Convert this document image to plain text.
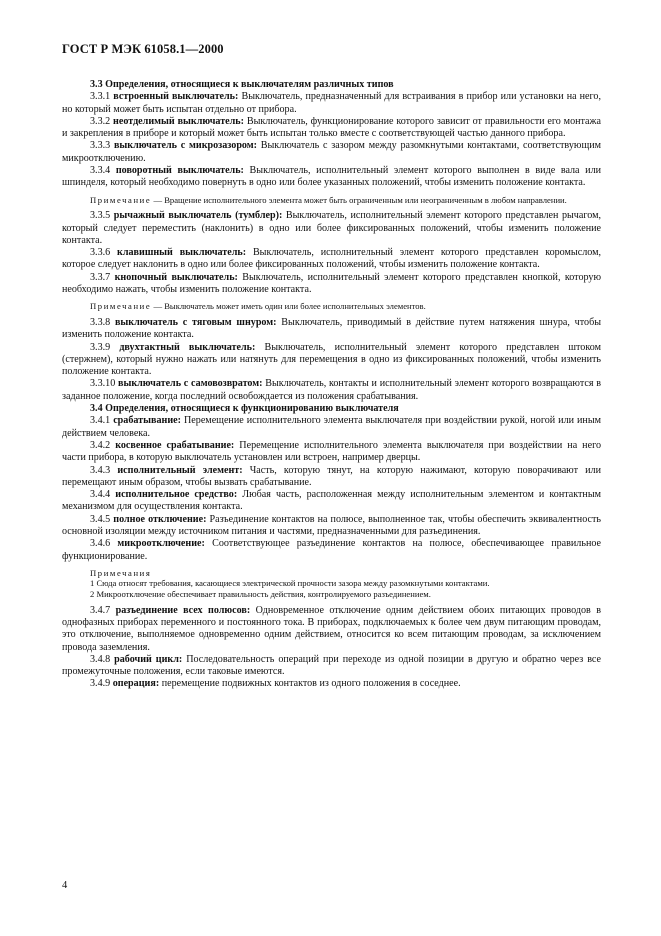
ГОСТ Р МЭК 61058.1—2000

3.3 Определения, относящиеся к выключателям различных типов

3.3.1 встроенный выключатель: Выключатель, предназначенный для встраивания в прибор или установки на него, но который может быть испытан отдельно от прибора.

3.3.2 неотделимый выключатель: Выключатель, функционирование которого зависит от правильности его монтажа и закрепления в приборе и который может быть испытан только вместе с соответствующей частью данного прибора.

3.3.3 выключатель с микрозазором: Выключатель с зазором между разомкнутыми контактами, соответствующим микроотключению.

3.3.4 поворотный выключатель: Выключатель, исполнительный элемент которого выполнен в виде вала или шпинделя, который необходимо повернуть в одно или более указанных положений, чтобы изменить положение контакта.

Примечание — Вращение исполнительного элемента может быть ограниченным или неограниченным в любом направлении.

3.3.5 рычажный выключатель (тумблер): Выключатель, исполнительный элемент которого представлен рычагом, который следует переместить (наклонить) в одно или более фиксированных положений, чтобы изменить положение контакта.

3.3.6 клавишный выключатель: Выключатель, исполнительный элемент которого представлен коромыслом, которое следует наклонить в одно или более фиксированных положений, чтобы изменить положение контакта.

3.3.7 кнопочный выключатель: Выключатель, исполнительный элемент которого представлен кнопкой, которую необходимо нажать, чтобы изменить положение контакта.

Примечание — Выключатель может иметь один или более исполнительных элементов.

3.3.8 выключатель с тяговым шнуром: Выключатель, приводимый в действие путем натяжения шнура, чтобы изменить положение контакта.

3.3.9 двухтактный выключатель: Выключатель, исполнительный элемент которого представлен штоком (стержнем), который нужно нажать или натянуть для перемещения в одно из фиксированных положений, чтобы изменить положение контакта.

3.3.10 выключатель с самовозвратом: Выключатель, контакты и исполнительный элемент которого возвращаются в заданное положение, когда последний освобождается из положения срабатывания.

3.4 Определения, относящиеся к функционированию выключателя

3.4.1 срабатывание: Перемещение исполнительного элемента выключателя при воздействии рукой, ногой или иным действием человека.

3.4.2 косвенное срабатывание: Перемещение исполнительного элемента выключателя при воздействии на него части прибора, в которую выключатель установлен или встроен, например дверцы.

3.4.3 исполнительный элемент: Часть, которую тянут, на которую нажимают, которую поворачивают или перемещают иным образом, чтобы вызвать срабатывание.

3.4.4 исполнительное средство: Любая часть, расположенная между исполнительным элементом и контактным механизмом для осуществления контакта.

3.4.5 полное отключение: Разъединение контактов на полюсе, выполненное так, чтобы обеспечить эквивалентность основной изоляции между источником питания и частями, предназначенными для разъединения.

3.4.6 микроотключение: Соответствующее разъединение контактов на полюсе, обеспечивающее правильное функционирование.

Примечания

1 Сюда относят требования, касающиеся электрической прочности зазора между разомкнутыми контактами.

2 Микроотключение обеспечивает правильность действия, контролируемого разъединением.

3.4.7 разъединение всех полюсов: Одновременное отключение одним действием обоих питающих проводов в однофазных приборах переменного и постоянного тока. В приборах, подключаемых к более чем двум питающим проводам, это отключение, выполняемое одновременно одним действием, относится ко всем питающим проводам, за исключением провода заземления.

3.4.8 рабочий цикл: Последовательность операций при переходе из одной позиции в другую и обратно через все промежуточные положения, если таковые имеются.

3.4.9 операция: перемещение подвижных контактов из одного положения в соседнее.

4
